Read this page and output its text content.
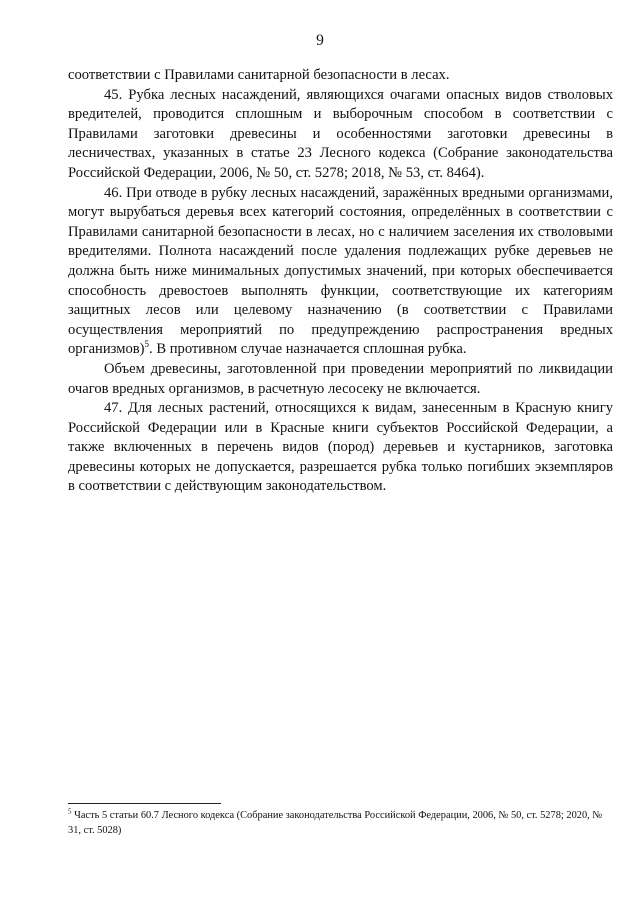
9

соответствии с Правилами санитарной безопасности в лесах.

45. Рубка лесных насаждений, являющихся очагами опасных видов стволовых вредителей, проводится сплошным и выборочным способом в соответствии с Правилами заготовки древесины и особенностями заготовки древесины в лесничествах, указанных в статье 23 Лесного кодекса (Собрание законодательства Российской Федерации, 2006, № 50, ст. 5278; 2018, № 53, ст. 8464).

46. При отводе в рубку лесных насаждений, заражённых вредными организмами, могут вырубаться деревья всех категорий состояния, определённых в соответствии с Правилами санитарной безопасности в лесах, но с наличием заселения их стволовыми вредителями. Полнота насаждений после удаления подлежащих рубке деревьев не должна быть ниже минимальных допустимых значений, при которых обеспечивается способность древостоев выполнять функции, соответствующие их категориям защитных лесов или целевому назначению (в соответствии с Правилами осуществления мероприятий по предупреждению распространения вредных организмов)$^5$. В противном случае назначается сплошная рубка.

Объем древесины, заготовленной при проведении мероприятий по ликвидации очагов вредных организмов, в расчетную лесосеку не включается.

47. Для лесных растений, относящихся к видам, занесенным в Красную книгу Российской Федерации или в Красные книги субъектов Российской Федерации, а также включенных в перечень видов (пород) деревьев и кустарников, заготовка древесины которых не допускается, разрешается рубка только погибших экземпляров в соответствии с действующим законодательством.

$^5$ Часть 5 статьи 60.7 Лесного кодекса (Собрание законодательства Российской Федерации, 2006, № 50, ст. 5278; 2020, № 31, ст. 5028)
